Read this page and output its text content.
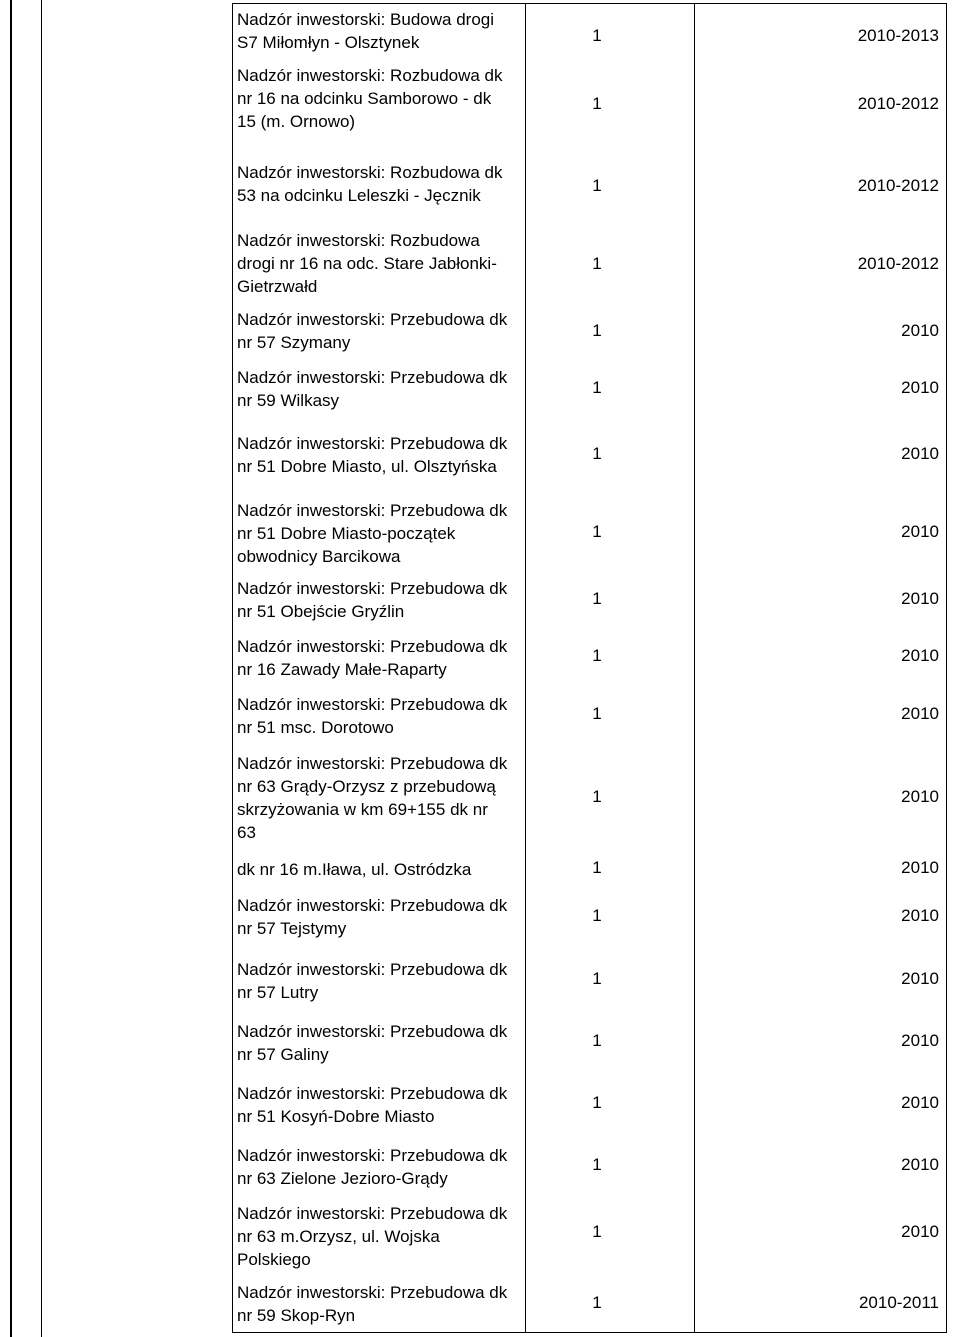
Nadzór inwestorski: Budowa drogi
S7 Miłomłyn - Olsztynek	1	2010-2013
Nadzór inwestorski: Rozbudowa dk
nr 16 na odcinku Samborowo - dk
15 (m. Ornowo)
1	2010-2012
Nadzór inwestorski: Rozbudowa dk
53 na odcinku Leleszki - Jęcznik
1	2010-2012
Nadzór inwestorski: Rozbudowa
drogi nr 16 na odc. Stare Jabłonki-
Gietrzwałd
1	2010-2012
Nadzór inwestorski: Przebudowa dk
nr 57 Szymany
1	2010
Nadzór inwestorski: Przebudowa dk
nr 59 Wilkasy
1	2010
Nadzór inwestorski: Przebudowa dk
nr 51 Dobre Miasto, ul. Olsztyńska
1	2010
Nadzór inwestorski: Przebudowa dk
nr 51 Dobre Miasto-początek
obwodnicy Barcikowa
1	2010
Nadzór inwestorski: Przebudowa dk
nr 51 Obejście Gryźlin
1	2010
Nadzór inwestorski: Przebudowa dk
nr 16 Zawady Małe-Raparty
1	2010
Nadzór inwestorski: Przebudowa dk
nr 51 msc. Dorotowo
1	2010
Nadzór inwestorski: Przebudowa dk
nr 63 Grądy-Orzysz z przebudową
skrzyżowania w km 69+155 dk nr
63
1	2010
dk nr 16 m.Iława, ul. Ostródzka	1	2010
Nadzór inwestorski: Przebudowa dk
nr 57 Tejstymy
1	2010
Nadzór inwestorski: Przebudowa dk
nr 57 Lutry
1	2010
Nadzór inwestorski: Przebudowa dk
nr 57 Galiny
1	2010
Nadzór inwestorski: Przebudowa dk
nr 51 Kosyń-Dobre Miasto
1	2010
Nadzór inwestorski: Przebudowa dk
nr 63 Zielone Jezioro-Grądy
1	2010
Nadzór inwestorski: Przebudowa dk
nr 63 m.Orzysz, ul. Wojska
Polskiego
1	2010
Nadzór inwestorski: Przebudowa dk
nr 59 Skop-Ryn
1	2010-2011
